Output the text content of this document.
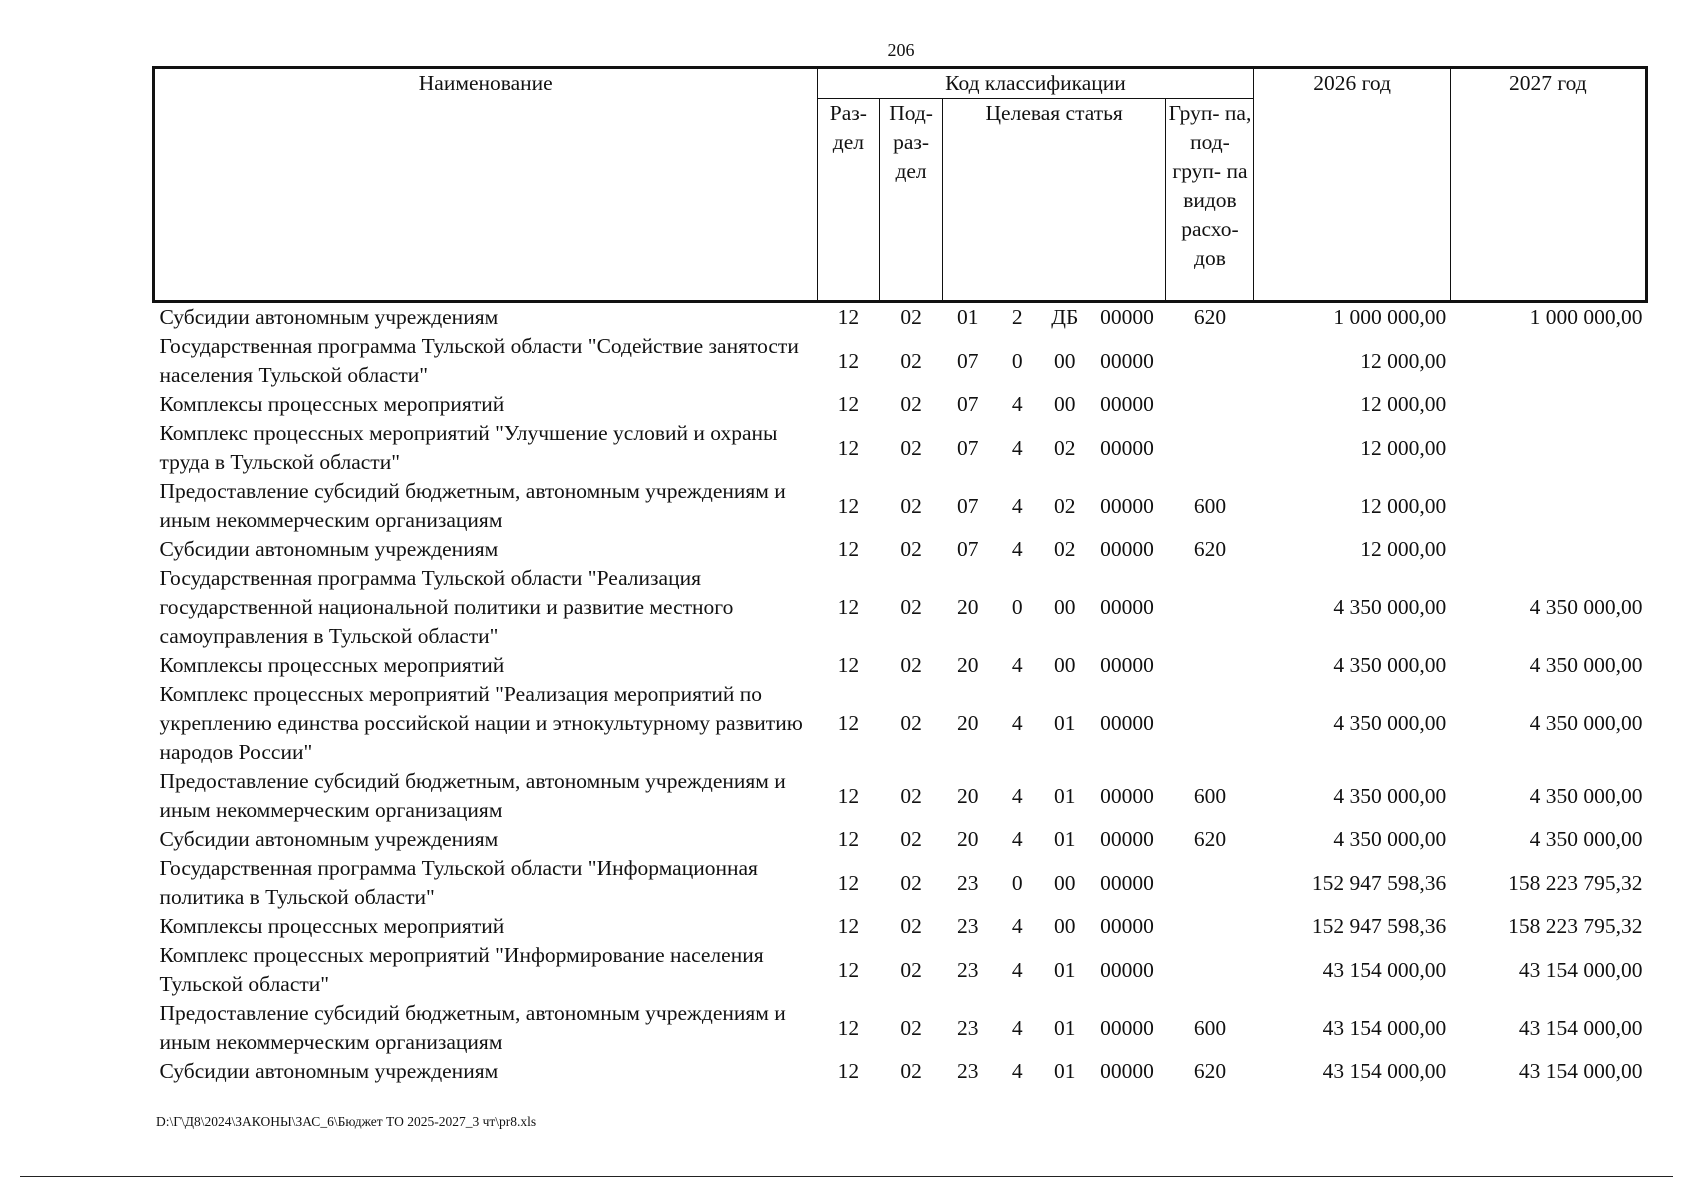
206
Наименование	Код классификации							2026 год	2027 год
	Раз- дел	Под- раз- дел	Целевая статья				Груп- па, под- груп- па видов расхо- дов		
Субсидии автономным учреждениям	12	02	01	2	ДБ	00000	620	1 000 000,00	1 000 000,00
Государственная программа Тульской области "Содействие занятости населения Тульской области"	12	02	07	0	00	00000		12 000,00	
Комплексы процессных мероприятий	12	02	07	4	00	00000		12 000,00	
Комплекс процессных мероприятий "Улучшение условий и охраны труда в Тульской области"	12	02	07	4	02	00000		12 000,00	
Предоставление субсидий бюджетным, автономным учреждениям и иным некоммерческим организациям	12	02	07	4	02	00000	600	12 000,00	
Субсидии автономным учреждениям	12	02	07	4	02	00000	620	12 000,00	
Государственная программа Тульской области "Реализация государственной национальной политики и развитие местного самоуправления в Тульской области"	12	02	20	0	00	00000		4 350 000,00	4 350 000,00
Комплексы процессных мероприятий	12	02	20	4	00	00000		4 350 000,00	4 350 000,00
Комплекс процессных мероприятий "Реализация мероприятий по укреплению единства российской нации и этнокультурному развитию народов России"	12	02	20	4	01	00000		4 350 000,00	4 350 000,00
Предоставление субсидий бюджетным, автономным учреждениям и иным некоммерческим организациям	12	02	20	4	01	00000	600	4 350 000,00	4 350 000,00
Субсидии автономным учреждениям	12	02	20	4	01	00000	620	4 350 000,00	4 350 000,00
Государственная программа Тульской области "Информационная политика в Тульской области"	12	02	23	0	00	00000		152 947 598,36	158 223 795,32
Комплексы процессных мероприятий	12	02	23	4	00	00000		152 947 598,36	158 223 795,32
Комплекс процессных мероприятий "Информирование населения Тульской области"	12	02	23	4	01	00000		43 154 000,00	43 154 000,00
Предоставление субсидий бюджетным, автономным учреждениям и иным некоммерческим организациям	12	02	23	4	01	00000	600	43 154 000,00	43 154 000,00
Субсидии автономным учреждениям	12	02	23	4	01	00000	620	43 154 000,00	43 154 000,00
D:\Г\Д8\2024\ЗАКОНЫ\ЗАС_6\Бюджет ТО 2025-2027_3 чт\pr8.xls
